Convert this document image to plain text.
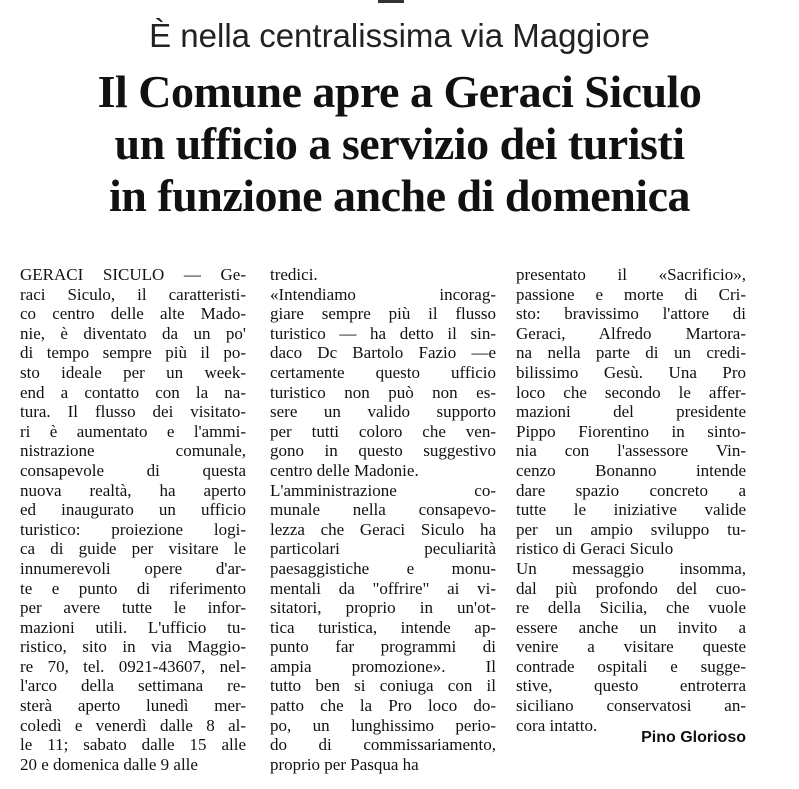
È nella centralissima via Maggiore
Il Comune apre a Geraci Siculo
un ufficio a servizio dei turisti
in funzione anche di domenica
GERACI SICULO — Ge-
raci Siculo, il caratteristi-
co centro delle alte Mado-
nie, è diventato da un po'
di tempo sempre più il po-
sto ideale per un week-
end a contatto con la na-
tura. Il flusso dei visitato-
ri è aumentato e l'ammi-
nistrazione comunale,
consapevole di questa
nuova realtà, ha aperto
ed inaugurato un ufficio
turistico: proiezione logi-
ca di guide per visitare le
innumerevoli opere d'ar-
te e punto di riferimento
per avere tutte le infor-
mazioni utili. L'ufficio tu-
ristico, sito in via Maggio-
re 70, tel. 0921-43607, nel-
l'arco della settimana re-
sterà aperto lunedì mer-
coledì e venerdì dalle 8 al-
le 11; sabato dalle 15 alle
20 e domenica dalle 9 alle
tredici.
«Intendiamo incorag-
giare sempre più il flusso
turistico — ha detto il sin-
daco Dc Bartolo Fazio —e
certamente questo ufficio
turistico non può non es-
sere un valido supporto
per tutti coloro che ven-
gono in questo suggestivo
centro delle Madonie.
L'amministrazione co-
munale nella consapevo-
lezza che Geraci Siculo ha
particolari peculiarità
paesaggistiche e monu-
mentali da "offrire" ai vi-
sitatori, proprio in un'ot-
tica turistica, intende ap-
punto far programmi di
ampia promozione». Il
tutto ben si coniuga con il
patto che la Pro loco do-
po, un lunghissimo perio-
do di commissariamento,
proprio per Pasqua ha
presentato il «Sacrificio»,
passione e morte di Cri-
sto: bravissimo l'attore di
Geraci, Alfredo Martora-
na nella parte di un credi-
bilissimo Gesù. Una Pro
loco che secondo le affer-
mazioni del presidente
Pippo Fiorentino in sinto-
nia con l'assessore Vin-
cenzo Bonanno intende
dare spazio concreto a
tutte le iniziative valide
per un ampio sviluppo tu-
ristico di Geraci Siculo
Un messaggio insomma,
dal più profondo del cuo-
re della Sicilia, che vuole
essere anche un invito a
venire a visitare queste
contrade ospitali e sugge-
stive, questo entroterra
siciliano conservatosi an-
cora intatto.
Pino Glorioso
